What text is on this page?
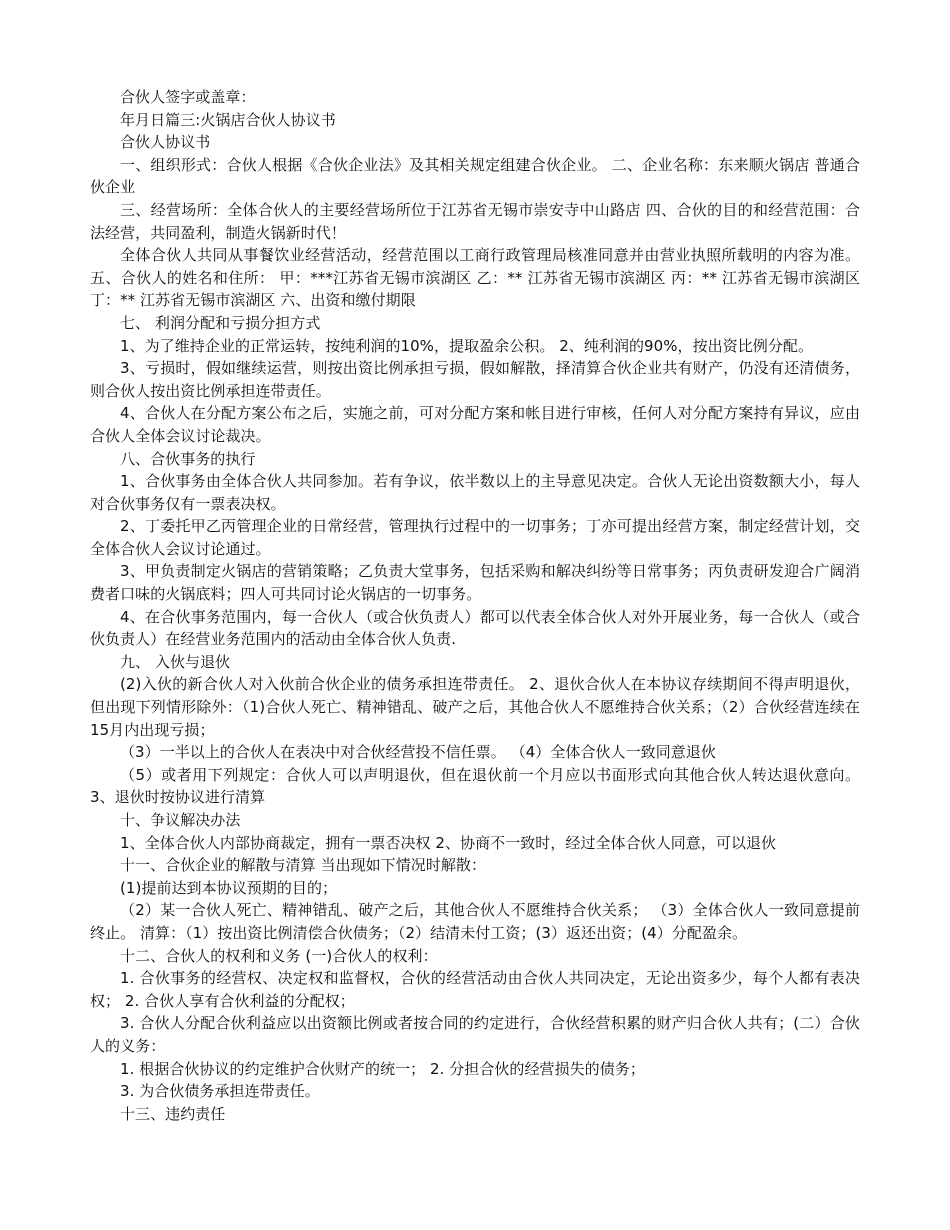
合伙人签字或盖章：

年月日篇三:火锅店合伙人协议书

合伙人协议书

一、组织形式：合伙人根据《合伙企业法》及其相关规定组建合伙企业。 二、企业名称：东来顺火锅店 普通合伙企业

三、经营场所：全体合伙人的主要经营场所位于江苏省无锡市崇安寺中山路店 四、合伙的目的和经营范围：合法经营，共同盈利，制造火锅新时代！

全体合伙人共同从事餐饮业经营活动，经营范围以工商行政管理局核准同意并由营业执照所载明的内容为准。 五、合伙人的姓名和住所： 甲：***江苏省无锡市滨湖区 乙：** 江苏省无锡市滨湖区 丙：** 江苏省无锡市滨湖区 丁：** 江苏省无锡市滨湖区 六、出资和缴付期限

七、 利润分配和亏损分担方式

1、为了维持企业的正常运转，按纯利润的10%，提取盈余公积。 2、纯利润的90%，按出资比例分配。

3、亏损时，假如继续运营，则按出资比例承担亏损，假如解散，择清算合伙企业共有财产，仍没有还清债务，则合伙人按出资比例承担连带责任。

4、合伙人在分配方案公布之后，实施之前，可对分配方案和帐目进行审核，任何人对分配方案持有异议，应由合伙人全体会议讨论裁决。

八、合伙事务的执行

1、合伙事务由全体合伙人共同参加。若有争议，依半数以上的主导意见决定。合伙人无论出资数额大小，每人对合伙事务仅有一票表决权。

2、丁委托甲乙丙管理企业的日常经营，管理执行过程中的一切事务；丁亦可提出经营方案，制定经营计划，交全体合伙人会议讨论通过。

3、甲负责制定火锅店的营销策略；乙负责大堂事务，包括采购和解决纠纷等日常事务；丙负责研发迎合广阔消费者口味的火锅底料；四人可共同讨论火锅店的一切事务。

4、在合伙事务范围内，每一合伙人（或合伙负责人）都可以代表全体合伙人对外开展业务，每一合伙人（或合伙负责人）在经营业务范围内的活动由全体合伙人负责.

九、 入伙与退伙

(2)入伙的新合伙人对入伙前合伙企业的债务承担连带责任。 2、退伙合伙人在本协议存续期间不得声明退伙，但出现下列情形除外：（1)合伙人死亡、精神错乱、破产之后，其他合伙人不愿维持合伙关系；（2）合伙经营连续在15月内出现亏损；

（3）一半以上的合伙人在表决中对合伙经营投不信任票。 （4）全体合伙人一致同意退伙

（5）或者用下列规定：合伙人可以声明退伙，但在退伙前一个月应以书面形式向其他合伙人转达退伙意向。 3、退伙时按协议进行清算

十、争议解决办法

1、全体合伙人内部协商裁定，拥有一票否决权 2、协商不一致时，经过全体合伙人同意，可以退伙

十一、合伙企业的解散与清算 当出现如下情况时解散：

(1)提前达到本协议预期的目的；

（2）某一合伙人死亡、精神错乱、破产之后，其他合伙人不愿维持合伙关系； （3）全体合伙人一致同意提前终止。 清算：（1）按出资比例清偿合伙债务；（2）结清未付工资；(3）返还出资；(4）分配盈余。

十二、合伙人的权利和义务 (一)合伙人的权利：

1. 合伙事务的经营权、决定权和监督权，合伙的经营活动由合伙人共同决定，无论出资多少，每个人都有表决权； 2. 合伙人享有合伙利益的分配权；

3. 合伙人分配合伙利益应以出资额比例或者按合同的约定进行，合伙经营积累的财产归合伙人共有；(二）合伙人的义务：

1. 根据合伙协议的约定维护合伙财产的统一； 2. 分担合伙的经营损失的债务；

3. 为合伙债务承担连带责任。

十三、违约责任
